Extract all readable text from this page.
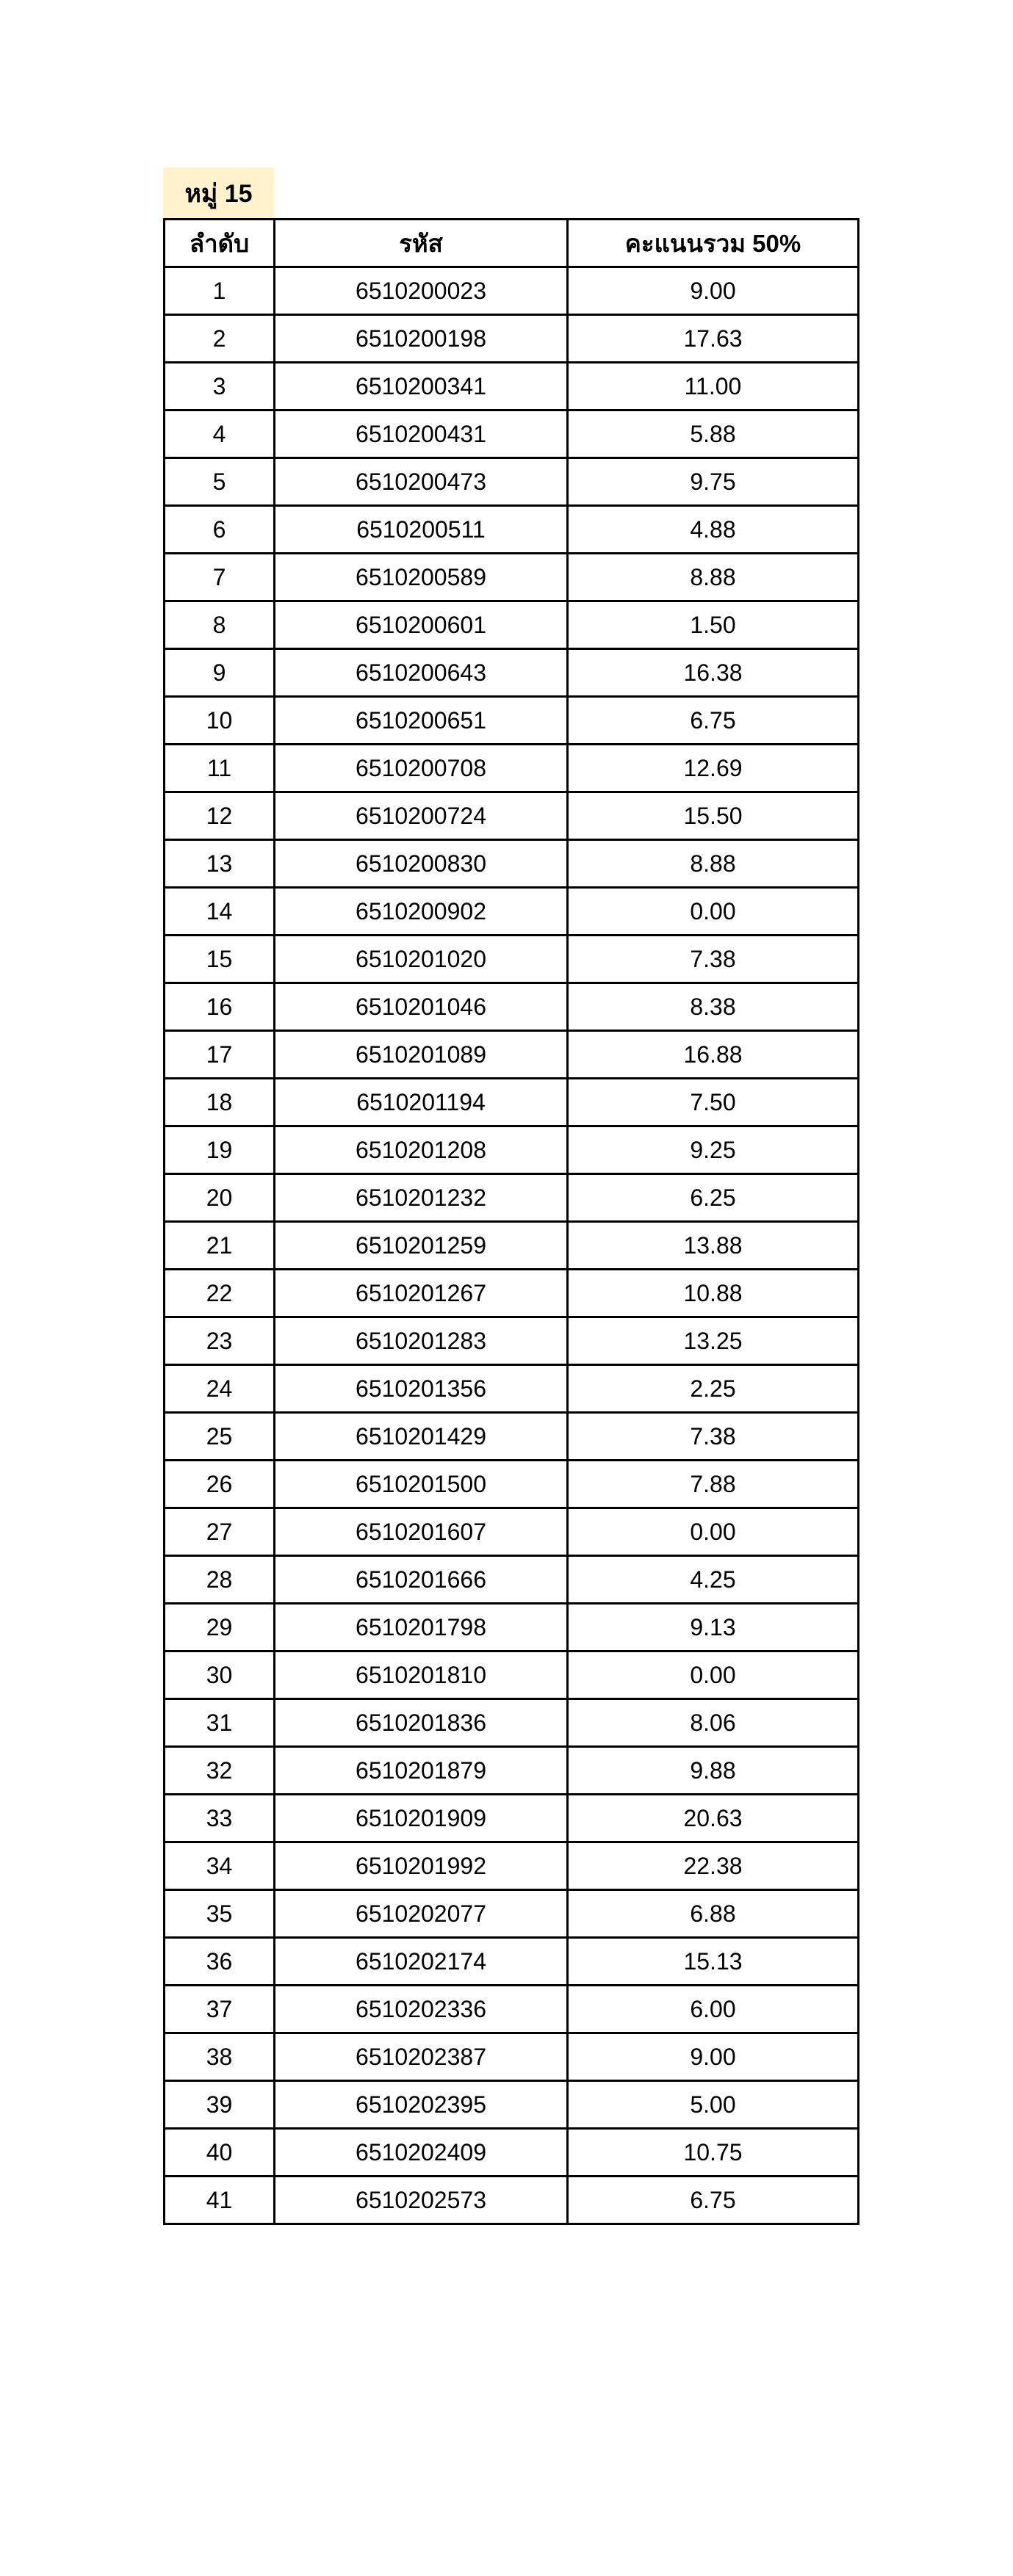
หมู่ 15
ลำดับ	รหัส	คะแนนรวม 50%
1	6510200023	9.00
2	6510200198	17.63
3	6510200341	11.00
4	6510200431	5.88
5	6510200473	9.75
6	6510200511	4.88
7	6510200589	8.88
8	6510200601	1.50
9	6510200643	16.38
10	6510200651	6.75
11	6510200708	12.69
12	6510200724	15.50
13	6510200830	8.88
14	6510200902	0.00
15	6510201020	7.38
16	6510201046	8.38
17	6510201089	16.88
18	6510201194	7.50
19	6510201208	9.25
20	6510201232	6.25
21	6510201259	13.88
22	6510201267	10.88
23	6510201283	13.25
24	6510201356	2.25
25	6510201429	7.38
26	6510201500	7.88
27	6510201607	0.00
28	6510201666	4.25
29	6510201798	9.13
30	6510201810	0.00
31	6510201836	8.06
32	6510201879	9.88
33	6510201909	20.63
34	6510201992	22.38
35	6510202077	6.88
36	6510202174	15.13
37	6510202336	6.00
38	6510202387	9.00
39	6510202395	5.00
40	6510202409	10.75
41	6510202573	6.75
